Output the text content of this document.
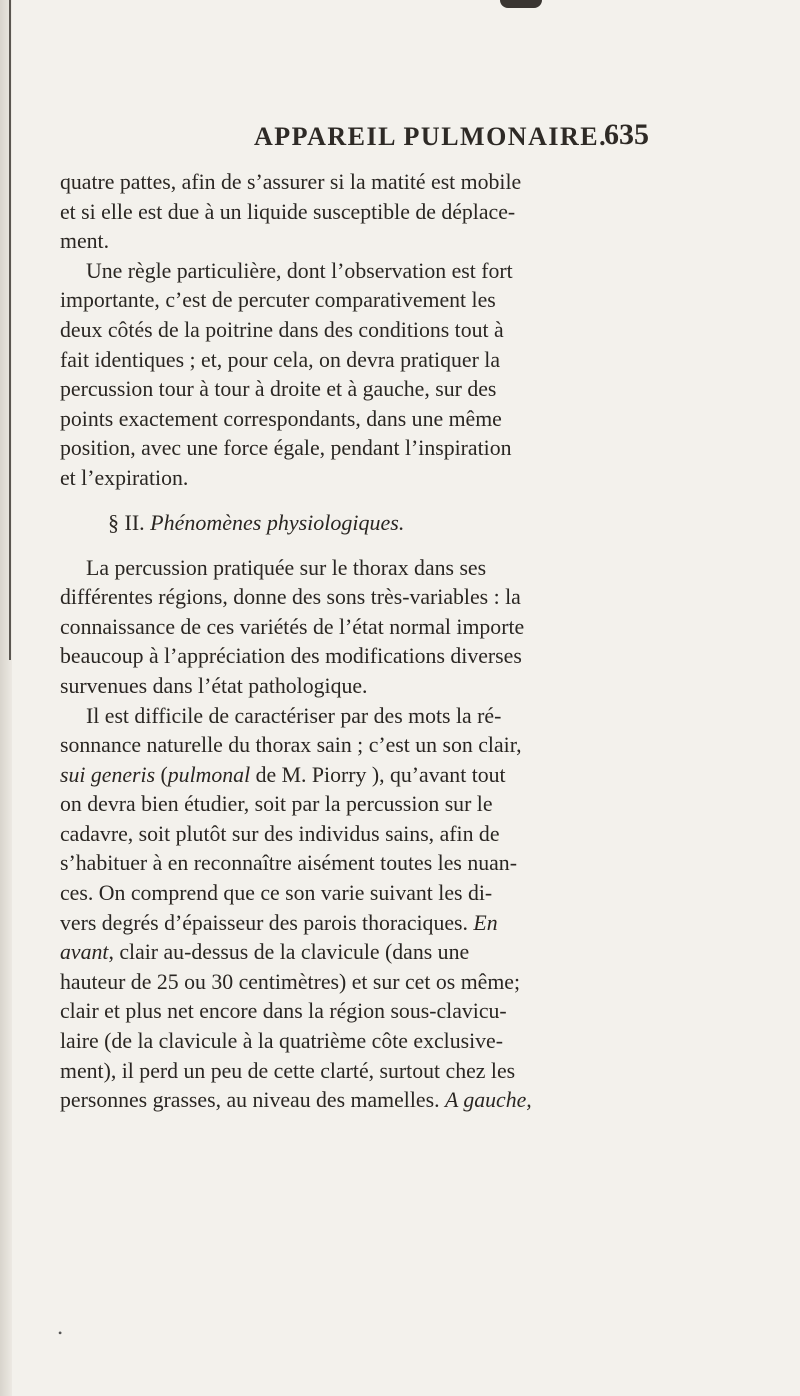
APPAREIL PULMONAIRE.
635

quatre pattes, afin de s’assurer si la matité est mobile
et si elle est due à un liquide susceptible de déplace-
ment.

Une règle particulière, dont l’observation est fort
importante, c’est de percuter comparativement les
deux côtés de la poitrine dans des conditions tout à
fait identiques ; et, pour cela, on devra pratiquer la
percussion tour à tour à droite et à gauche, sur des
points exactement correspondants, dans une même
position, avec une force égale, pendant l’inspiration
et l’expiration.

§ II. Phénomènes physiologiques.

La percussion pratiquée sur le thorax dans ses
différentes régions, donne des sons très-variables : la
connaissance de ces variétés de l’état normal importe
beaucoup à l’appréciation des modifications diverses
survenues dans l’état pathologique.

Il est difficile de caractériser par des mots la ré-
sonnance naturelle du thorax sain ; c’est un son clair,
sui generis (pulmonal de M. Piorry ), qu’avant tout
on devra bien étudier, soit par la percussion sur le
cadavre, soit plutôt sur des individus sains, afin de
s’habituer à en reconnaître aisément toutes les nuan-
ces. On comprend que ce son varie suivant les di-
vers degrés d’épaisseur des parois thoraciques. En
avant, clair au-dessus de la clavicule (dans une
hauteur de 25 ou 30 centimètres) et sur cet os même;
clair et plus net encore dans la région sous-clavicu-
laire (de la clavicule à la quatrième côte exclusive-
ment), il perd un peu de cette clarté, surtout chez les
personnes grasses, au niveau des mamelles. A gauche,

•
